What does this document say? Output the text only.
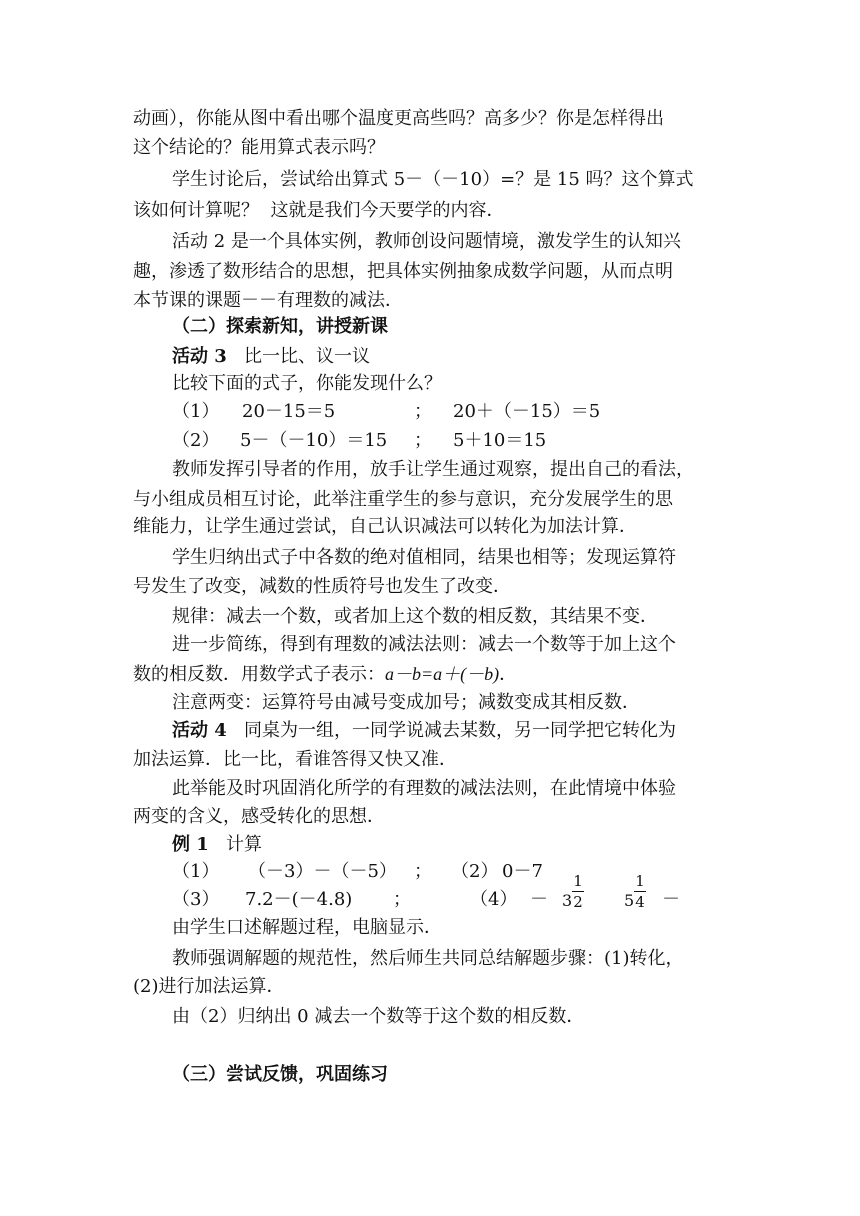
动画），你能从图中看出哪个温度更高些吗？高多少？你是怎样得出
这个结论的？能用算式表示吗？
学生讨论后，尝试给出算式 5－（－10）=？是 15 吗？这个算式
该如何计算呢？  这就是我们今天要学的内容．
活动 2 是一个具体实例，教师创设问题情境，激发学生的认知兴
趣，渗透了数形结合的思想，把具体实例抽象成数学问题，从而点明
本节课的课题－－有理数的减法．
（二）探索新知，讲授新课
活动 3 比一比、议一议
比较下面的式子，你能发现什么？
（1） 20－15＝5	； 20＋（－15）＝5
（2） 5－（－10）＝15 ； 5＋10＝15
教师发挥引导者的作用，放手让学生通过观察，提出自己的看法，
与小组成员相互讨论，此举注重学生的参与意识，充分发展学生的思
维能力，让学生通过尝试，自己认识减法可以转化为加法计算．
学生归纳出式子中各数的绝对值相同，结果也相等；发现运算符
号发生了改变，减数的性质符号也发生了改变．
规律：减去一个数，或者加上这个数的相反数，其结果不变．
进一步简练，得到有理数的减法法则：减去一个数等于加上这个
数的相反数．用数学式子表示：a－b=a＋(－b)．
注意两变：运算符号由减号变成加号；减数变成其相反数．
活动 4 同桌为一组，一同学说减去某数，另一同学把它转化为
加法运算．比一比，看谁答得又快又准．
此举能及时巩固消化所学的有理数的减法法则，在此情境中体验
两变的含义，感受转化的思想．
例 1 计算
（1） （－3）－（－5） ； （2） 0－7
（3） 7.2－(－4.8) ；	（4） － 3
1
2	5
1
4 －
由学生口述解题过程，电脑显示．
教师强调解题的规范性，然后师生共同总结解题步骤：(1)转化，
(2)进行加法运算．
由（2）归纳出 0 减去一个数等于这个数的相反数．
（三）尝试反馈，巩固练习
